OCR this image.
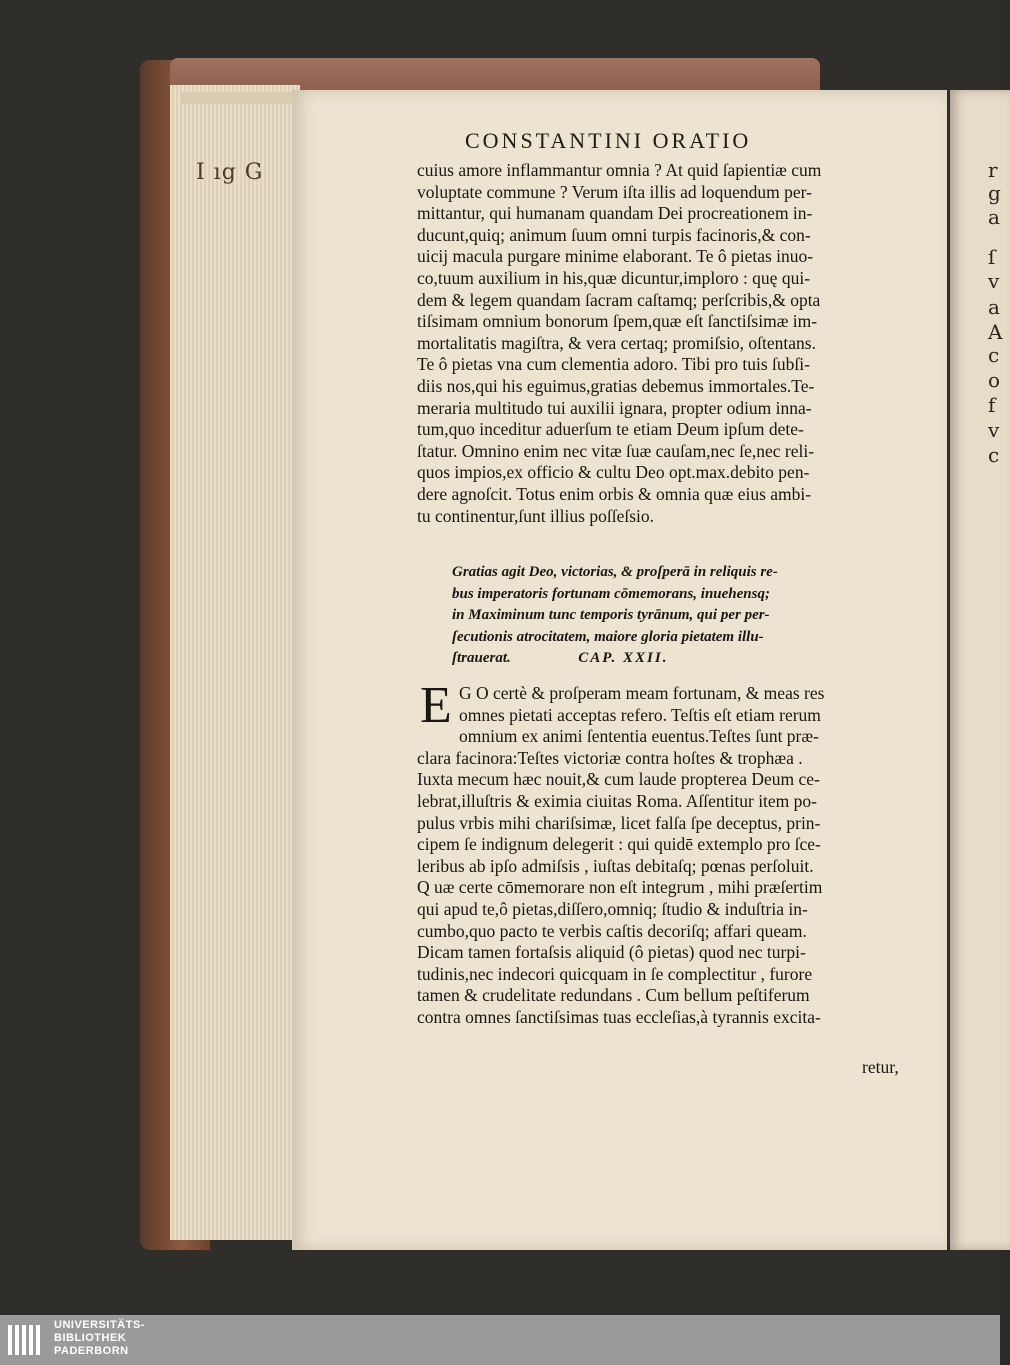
I ıg G	r
g
a
ſ
v
a
A
c
o
f
v
c
CONSTANTINI ORATIO
cuius amore inflammantur omnia ? At quid ſapientiæ cum
voluptate commune ? Verum iſta illis ad loquendum per-
mittantur, qui humanam quandam Dei procreationem in-
ducunt,quiq; animum ſuum omni turpis facinoris,& con-
uicij macula purgare minime elaborant. Te ô pietas inuo-
co,tuum auxilium in his,quæ dicuntur,imploro : quę qui-
dem & legem quandam ſacram caſtamq; perſcribis,& opta
tiſsimam omnium bonorum ſpem,quæ eſt ſanctiſsimæ im-
mortalitatis magiſtra, & vera certaq; promiſsio, oſtentans.
Te ô pietas vna cum clementia adoro. Tibi pro tuis ſubſi-
diis nos,qui his eguimus,gratias debemus immortales.Te-
meraria multitudo tui auxilii ignara, propter odium inna-
tum,quo inceditur aduerſum te etiam Deum ipſum dete-
ſtatur. Omnino enim nec vitæ ſuæ cauſam,nec ſe,nec reli-
quos impios,ex officio & cultu Deo opt.max.debito pen-
dere agnoſcit. Totus enim orbis & omnia quæ eius ambi-
tu continentur,ſunt illius poſſeſsio.
Gratias agit Deo, victorias, & proſperā in reliquis re-
bus imperatoris fortunam cōmemorans, inuehensq;
in Maximinum tunc temporis tyrānum, qui per per-
ſecutionis atrocitatem, maiore gloria pietatem illu-
ſtrauerat.	CAP. XXII.
E G O certè & proſperam meam fortunam, & meas res
omnes pietati acceptas refero. Teſtis eſt etiam rerum
omnium ex animi ſententia euentus.Teſtes ſunt præ-
clara facinora:Teſtes victoriæ contra hoſtes & trophæa .
Iuxta mecum hæc nouit,& cum laude propterea Deum ce-
lebrat,illuſtris & eximia ciuitas Roma. Aſſentitur item po-
pulus vrbis mihi chariſsimæ, licet falſa ſpe deceptus, prin-
cipem ſe indignum delegerit : qui quidē extemplo pro ſce-
leribus ab ipſo admiſsis , iuſtas debitaſq; pœnas perſoluit.
Q uæ certe cōmemorare non eſt integrum , mihi præſertim
qui apud te,ô pietas,diſſero,omniq; ſtudio & induſtria in-
cumbo,quo pacto te verbis caſtis decoriſq; affari queam.
Dicam tamen fortaſsis aliquid (ô pietas) quod nec turpi-
tudinis,nec indecori quicquam in ſe complectitur , furore
tamen & crudelitate redundans . Cum bellum peſtiferum
contra omnes ſanctiſsimas tuas eccleſias,à tyrannis excita-
retur,
UNIVERSITÄTS-
BIBLIOTHEK
PADERBORN
